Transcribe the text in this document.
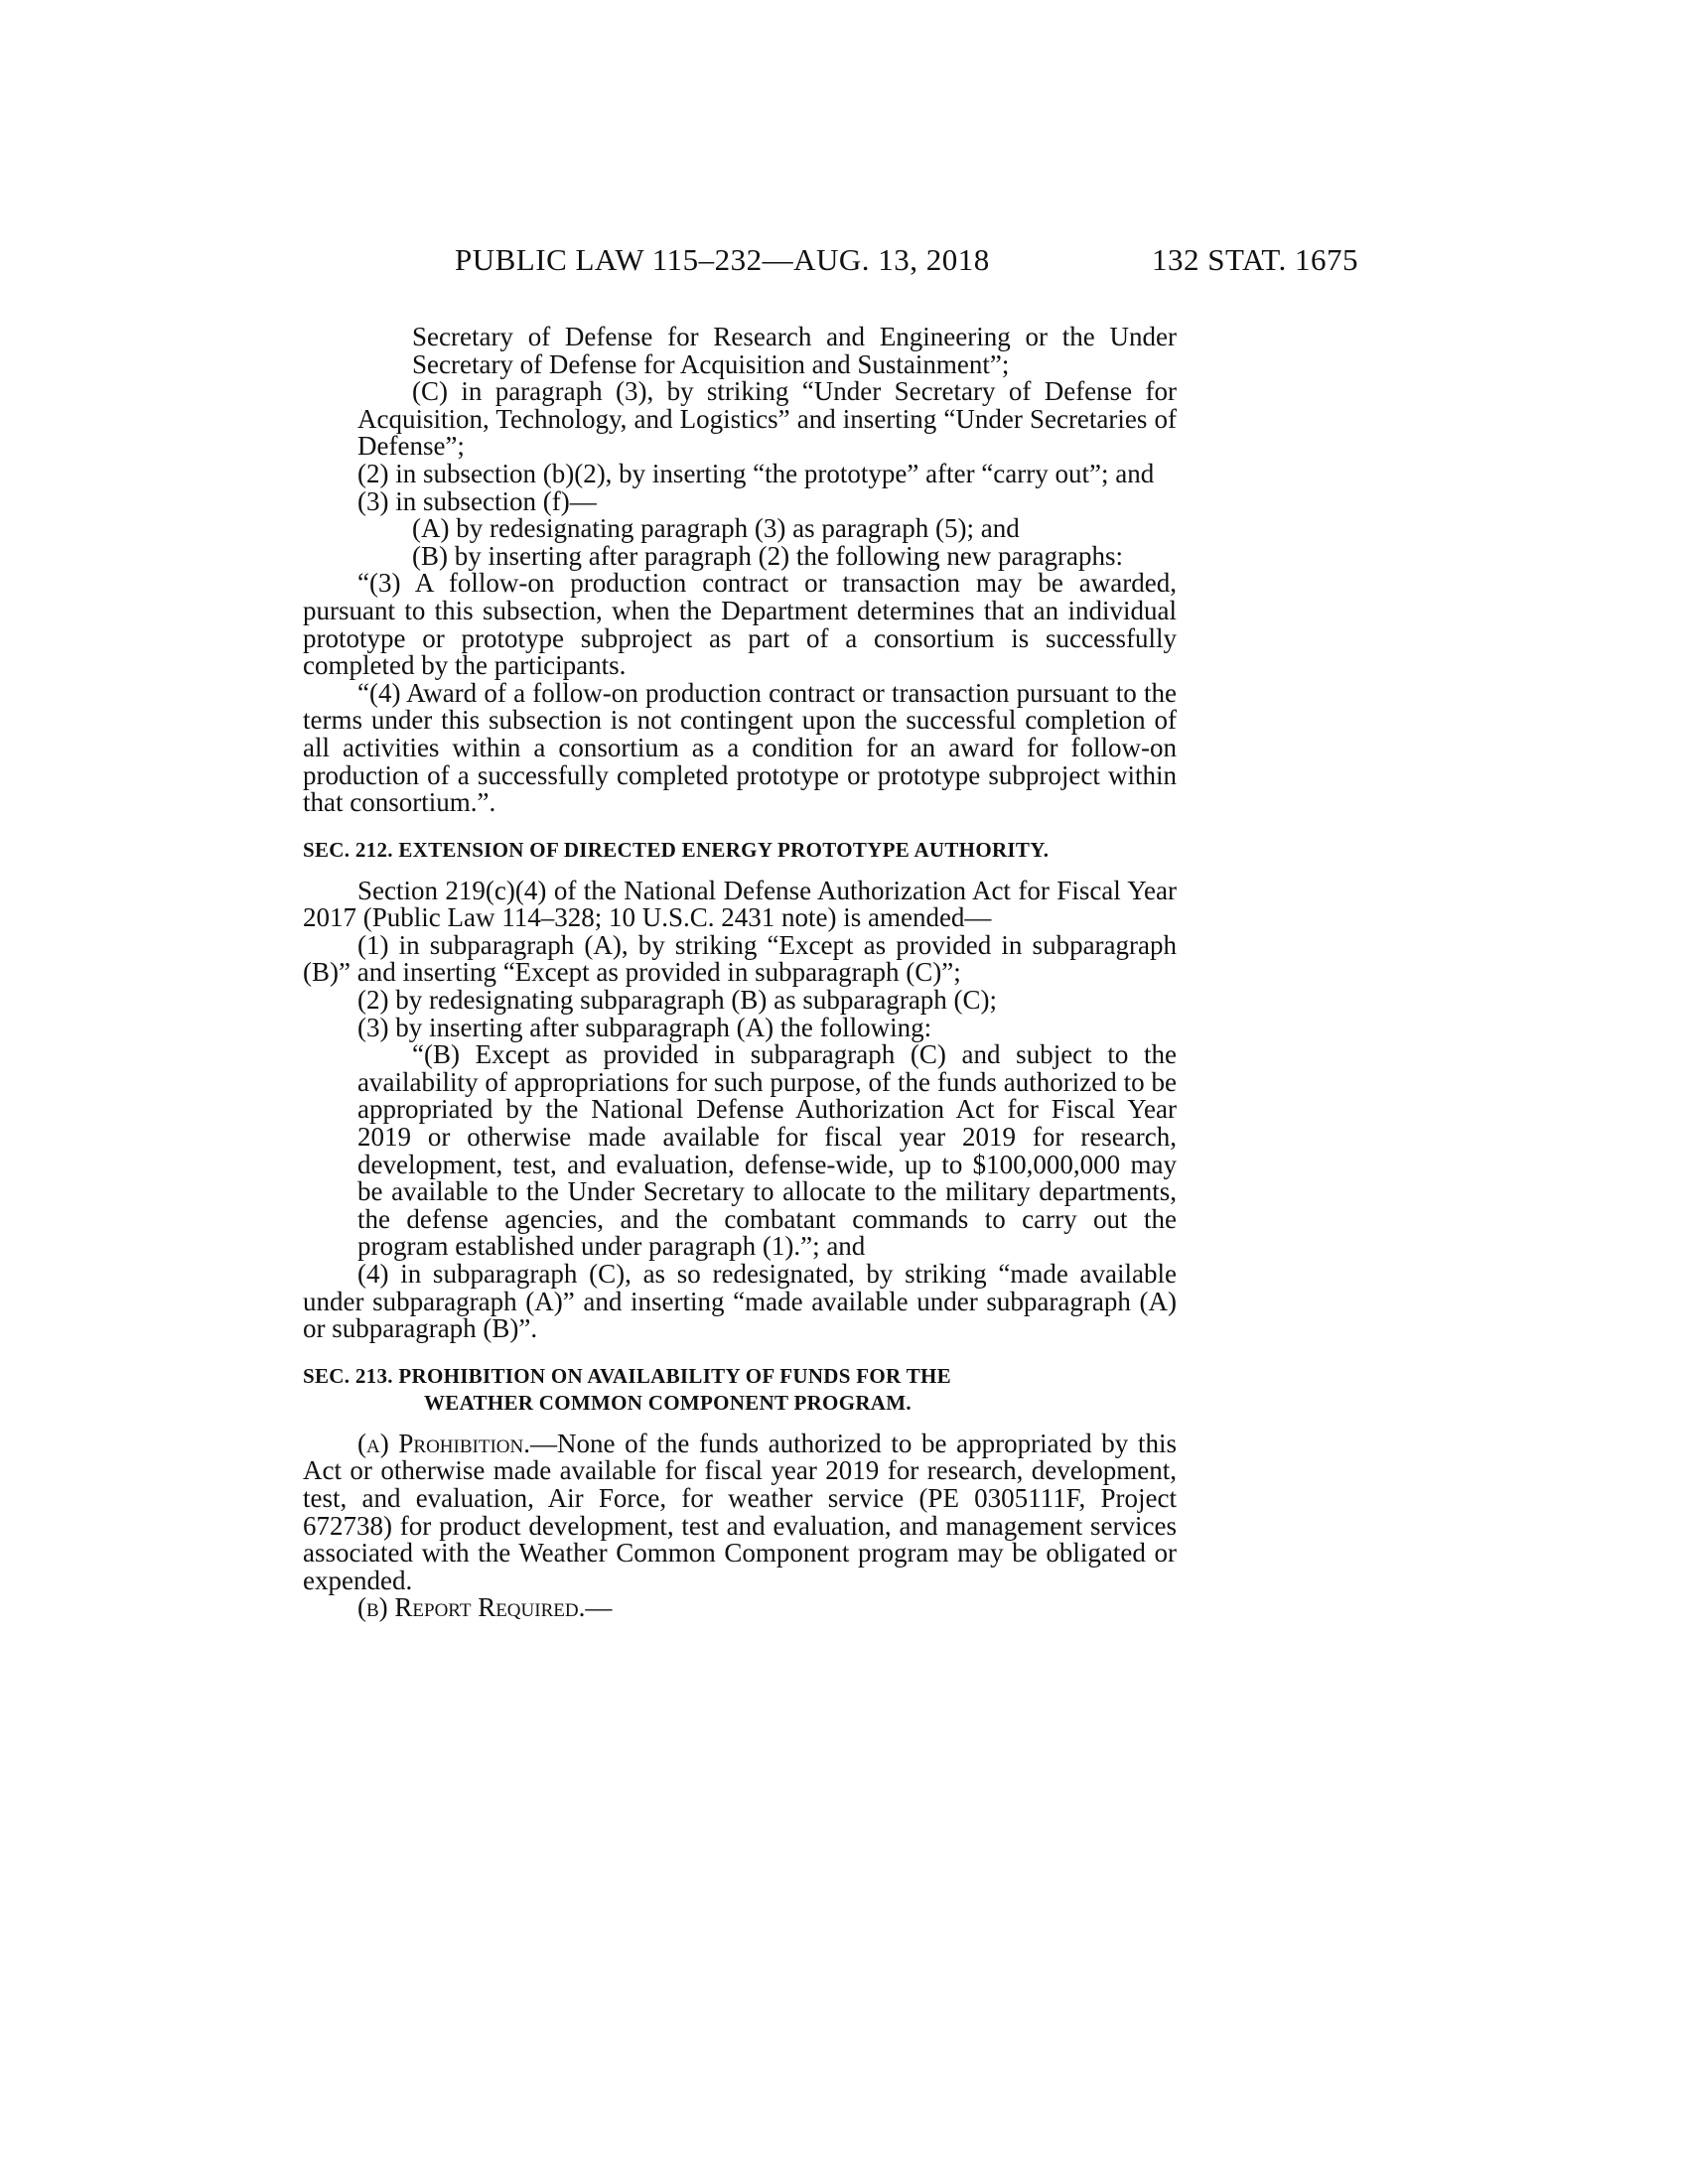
PUBLIC LAW 115–232—AUG. 13, 2018	132 STAT. 1675

Secretary of Defense for Research and Engineering or the Under Secretary of Defense for Acquisition and Sustainment”;

(C) in paragraph (3), by striking “Under Secretary of Defense for Acquisition, Technology, and Logistics” and inserting “Under Secretaries of Defense”;

(2) in subsection (b)(2), by inserting “the prototype” after “carry out”; and

(3) in subsection (f)—

(A) by redesignating paragraph (3) as paragraph (5); and

(B) by inserting after paragraph (2) the following new paragraphs:

“(3) A follow-on production contract or transaction may be awarded, pursuant to this subsection, when the Department determines that an individual prototype or prototype subproject as part of a consortium is successfully completed by the participants.

“(4) Award of a follow-on production contract or transaction pursuant to the terms under this subsection is not contingent upon the successful completion of all activities within a consortium as a condition for an award for follow-on production of a successfully completed prototype or prototype subproject within that consortium.”.

SEC. 212. EXTENSION OF DIRECTED ENERGY PROTOTYPE AUTHORITY.

Section 219(c)(4) of the National Defense Authorization Act for Fiscal Year 2017 (Public Law 114–328; 10 U.S.C. 2431 note) is amended—

(1) in subparagraph (A), by striking “Except as provided in subparagraph (B)” and inserting “Except as provided in subparagraph (C)”;

(2) by redesignating subparagraph (B) as subparagraph (C);

(3) by inserting after subparagraph (A) the following:

“(B) Except as provided in subparagraph (C) and subject to the availability of appropriations for such purpose, of the funds authorized to be appropriated by the National Defense Authorization Act for Fiscal Year 2019 or otherwise made available for fiscal year 2019 for research, development, test, and evaluation, defense-wide, up to $100,000,000 may be available to the Under Secretary to allocate to the military departments, the defense agencies, and the combatant commands to carry out the program established under paragraph (1).”; and

(4) in subparagraph (C), as so redesignated, by striking “made available under subparagraph (A)” and inserting “made available under subparagraph (A) or subparagraph (B)”.

SEC. 213. PROHIBITION ON AVAILABILITY OF FUNDS FOR THE
WEATHER COMMON COMPONENT PROGRAM.

(a) Prohibition.—None of the funds authorized to be appropriated by this Act or otherwise made available for fiscal year 2019 for research, development, test, and evaluation, Air Force, for weather service (PE 0305111F, Project 672738) for product development, test and evaluation, and management services associated with the Weather Common Component program may be obligated or expended.

(b) Report Required.—
